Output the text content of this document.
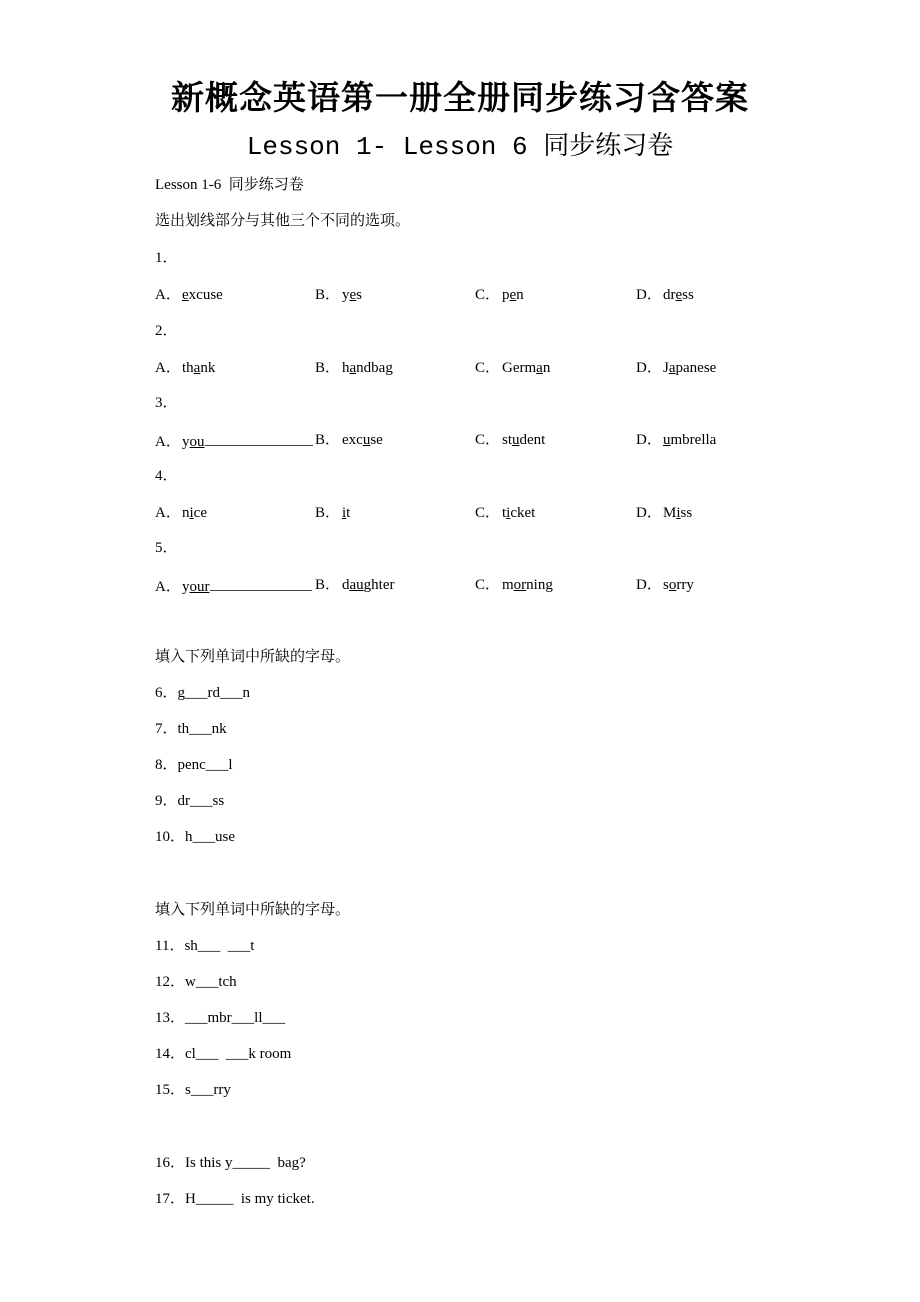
新概念英语第一册全册同步练习含答案
Lesson 1- Lesson 6 同步练习卷
Lesson 1-6  同步练习卷
选出划线部分与其他三个不同的选项。
1．
A．excuse	B． yes	C． pen	D．dress
2．
A．thank	B． handbag	C． German	D．Japanese
3．
A．you	B． excuse	C． student	D．umbrella
4．
A．nice	B． it	C． ticket	D．Miss
5．
A．your	B． daughter	C． morning	D．sorry
填入下列单词中所缺的字母。
6．g___rd___n
7．th___nk
8．penc___l
9．dr___ss
10．h___use
填入下列单词中所缺的字母。
11．sh___  ___t
12．w___tch
13．___mbr___ll___
14．cl___  ___k room
15．s___rry
16．Is this y_____  bag?
17．H_____  is my ticket.
